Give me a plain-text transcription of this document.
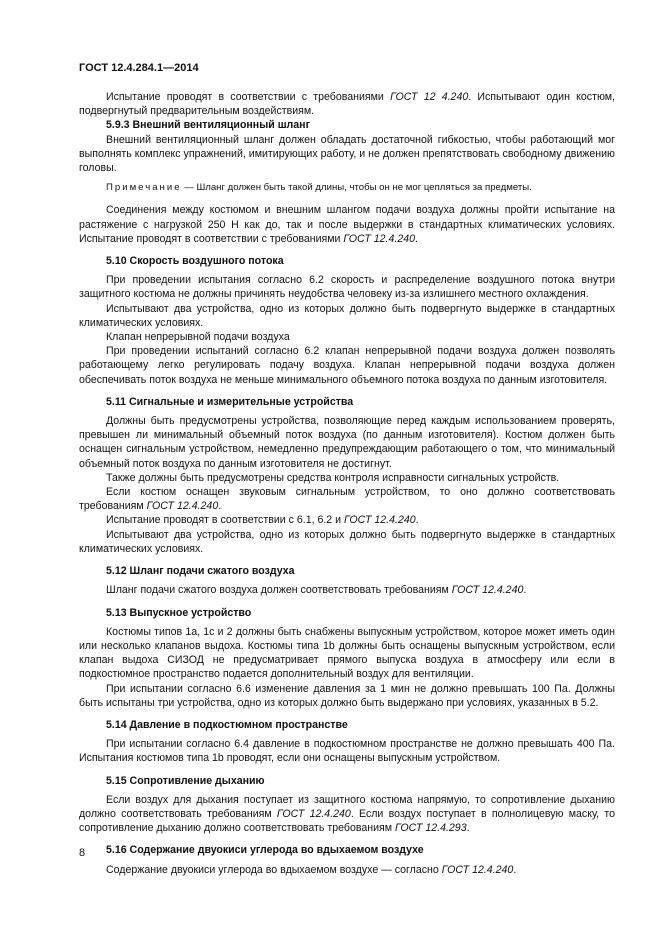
ГОСТ 12.4.284.1—2014

Испытание проводят в соответствии с требованиями ГОСТ 12 4.240. Испытывают один костюм, подвергнутый предварительным воздействиям.

5.9.3 Внешний вентиляционный шланг

Внешний вентиляционный шланг должен обладать достаточной гибкостью, чтобы работающий мог выполнять комплекс упражнений, имитирующих работу, и не должен препятствовать свободному движению головы.

Примечание — Шланг должен быть такой длины, чтобы он не мог цепляться за предметы.

Соединения между костюмом и внешним шлангом подачи воздуха должны пройти испытание на растяжение с нагрузкой 250 Н как до, так и после выдержки в стандартных климатических условиях. Испытание проводят в соответствии с требованиями ГОСТ 12.4.240.

5.10 Скорость воздушного потока

При проведении испытания согласно 6.2 скорость и распределение воздушного потока внутри защитного костюма не должны причинять неудобства человеку из-за излишнего местного охлаждения.

Испытывают два устройства, одно из которых должно быть подвергнуто выдержке в стандартных климатических условиях.

Клапан непрерывной подачи воздуха

При проведении испытаний согласно 6.2 клапан непрерывной подачи воздуха должен позволять работающему легко регулировать подачу воздуха. Клапан непрерывной подачи воздуха должен обеспечивать поток воздуха не меньше минимального объемного потока воздуха по данным изготовителя.

5.11 Сигнальные и измерительные устройства

Должны быть предусмотрены устройства, позволяющие перед каждым использованием проверять, превышен ли минимальный объемный поток воздуха (по данным изготовителя). Костюм должен быть оснащен сигнальным устройством, немедленно предупреждающим работающего о том, что минимальный объемный поток воздуха по данным изготовителя не достигнут.

Также должны быть предусмотрены средства контроля исправности сигнальных устройств.

Если костюм оснащен звуковым сигнальным устройством, то оно должно соответствовать требованиям ГОСТ 12.4.240.

Испытание проводят в соответствии с 6.1, 6.2 и ГОСТ 12.4.240.

Испытывают два устройства, одно из которых должно быть подвергнуто выдержке в стандартных климатических условиях.

5.12 Шланг подачи сжатого воздуха

Шланг подачи сжатого воздуха должен соответствовать требованиям ГОСТ 12.4.240.

5.13 Выпускное устройство

Костюмы типов 1а, 1с и 2 должны быть снабжены выпускным устройством, которое может иметь один или несколько клапанов выдоха. Костюмы типа 1b должны быть оснащены выпускным устройством, если клапан выдоха СИЗОД не предусматривает прямого выпуска воздуха в атмосферу или если в подкостюмное пространство подается дополнительный воздух для вентиляции.

При испытании согласно 6.6 изменение давления за 1 мин не должно превышать 100 Па. Должны быть испытаны три устройства, одно из которых должно быть выдержано при условиях, указанных в 5.2.

5.14 Давление в подкостюмном пространстве

При испытании согласно 6.4 давление в подкостюмном пространстве не должно превышать 400 Па. Испытания костюмов типа 1b проводят, если они оснащены выпускным устройством.

5.15 Сопротивление дыханию

Если воздух для дыхания поступает из защитного костюма напрямую, то сопротивление дыханию должно соответствовать требованиям ГОСТ 12.4.240. Если воздух поступает в полнолицевую маску, то сопротивление дыханию должно соответствовать требованиям ГОСТ 12.4.293.

5.16 Содержание двуокиси углерода во вдыхаемом воздухе

Содержание двуокиси углерода во вдыхаемом воздухе — согласно ГОСТ 12.4.240.

8
